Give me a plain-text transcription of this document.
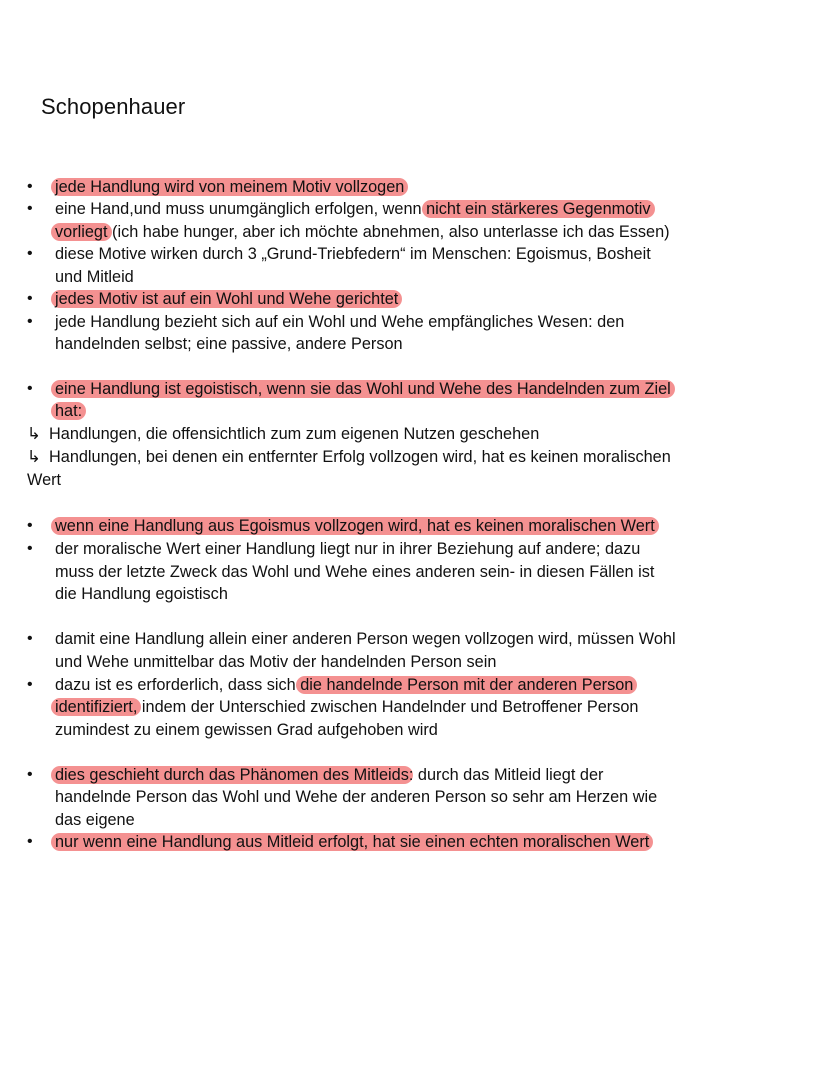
Schopenhauer
•
•
•
•
•
•
•
•
•
•
•
•
jede Handlung wird von meinem Motiv vollzogen
eine Hand,und muss unumgänglich erfolgen, wenn nicht ein stärkeres Gegenmotiv
vorliegt (ich habe hunger, aber ich möchte abnehmen, also unterlasse ich das Essen)
diese Motive wirken durch 3 „Grund-Triebfedern“ im Menschen: Egoismus, Bosheit
und Mitleid
jedes Motiv ist auf ein Wohl und Wehe gerichtet
jede Handlung bezieht sich auf ein Wohl und Wehe empfängliches Wesen: den
handelnden selbst; eine passive, andere Person
eine Handlung ist egoistisch, wenn sie das Wohl und Wehe des Handelnden zum Ziel
hat:
↳ Handlungen, die offensichtlich zum zum eigenen Nutzen geschehen
↳ Handlungen, bei denen ein entfernter Erfolg vollzogen wird, hat es keinen moralischen
Wert
wenn eine Handlung aus Egoismus vollzogen wird, hat es keinen moralischen Wert
der moralische Wert einer Handlung liegt nur in ihrer Beziehung auf andere; dazu
muss der letzte Zweck das Wohl und Wehe eines anderen sein- in diesen Fällen ist
die Handlung egoistisch
damit eine Handlung allein einer anderen Person wegen vollzogen wird, müssen Wohl
und Wehe unmittelbar das Motiv der handelnden Person sein
dazu ist es erforderlich, dass sich die handelnde Person mit der anderen Person
identifiziert, indem der Unterschied zwischen Handelnder und Betroffener Person
zumindest zu einem gewissen Grad aufgehoben wird
dies geschieht durch das Phänomen des Mitleids: durch das Mitleid liegt der
handelnde Person das Wohl und Wehe der anderen Person so sehr am Herzen wie
das eigene
nur wenn eine Handlung aus Mitleid erfolgt, hat sie einen echten moralischen Wert
